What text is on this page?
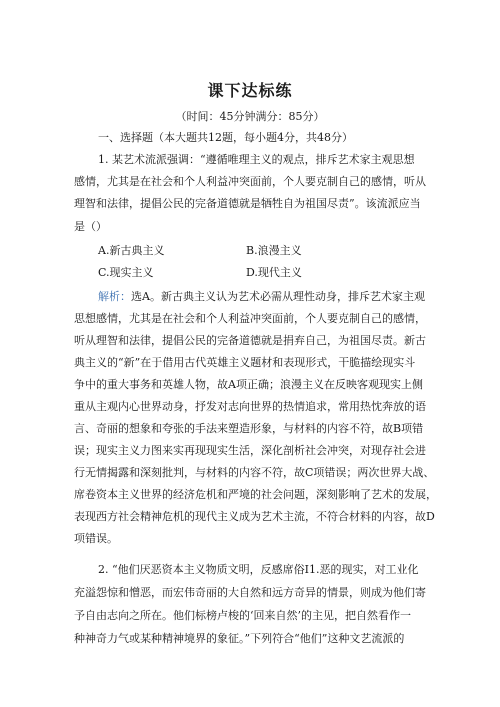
课下达标练
（时间：45分钟满分：85分）
一、选择题（本大题共12题，每小题4分，共48分）
1. 某艺术流派强调：“遵循唯理主义的观点，排斥艺术家主观思想
感情，尤其是在社会和个人利益冲突面前，个人要克制自己的感情，听从
理智和法律，提倡公民的完备道德就是牺牲自为祖国尽责”。该流派应当
是（）
A.新古典主义	B.浪漫主义
C.现实主义	D.现代主义
解析：选A。新古典主义认为艺术必需从理性动身，排斥艺术家主观
思想感情，尤其是在社会和个人利益冲突面前，个人要克制自己的感情，
听从理智和法律，提倡公民的完备道德就是捐弃自己，为祖国尽责。新古
典主义的“新”在于借用古代英雄主义题材和表现形式，干脆描绘现实斗
争中的重大事务和英雄人物，故A项正确；浪漫主义在反映客观现实上侧
重从主观内心世界动身，抒发对志向世界的热情追求，常用热忱奔放的语
言、奇丽的想象和夸张的手法来塑造形象，与材料的内容不符，故B项错
误；现实主义力图来实再现现实生活，深化剖析社会冲突，对现存社会进
行无情揭露和深刻批判，与材料的内容不符，故C项错误；两次世界大战、
席卷资本主义世界的经济危机和严境的社会问题，深刻影响了艺术的发展，
表现西方社会精神危机的现代主义成为艺术主流，不符合材料的内容，故D
项错误。
2. “他们厌恶资本主义物质文明，反感席俗I1.恶的现实，对工业化
充溢怨惊和憎恶，而宏伟奇丽的大自然和远方奇异的情景，则成为他们寄
予自由志向之所在。他们标榜卢梭的‘回来自然’的主见，把自然看作一
种神奇力气或某种精神境界的象征。”下列符合“他们”这种文艺流派的
